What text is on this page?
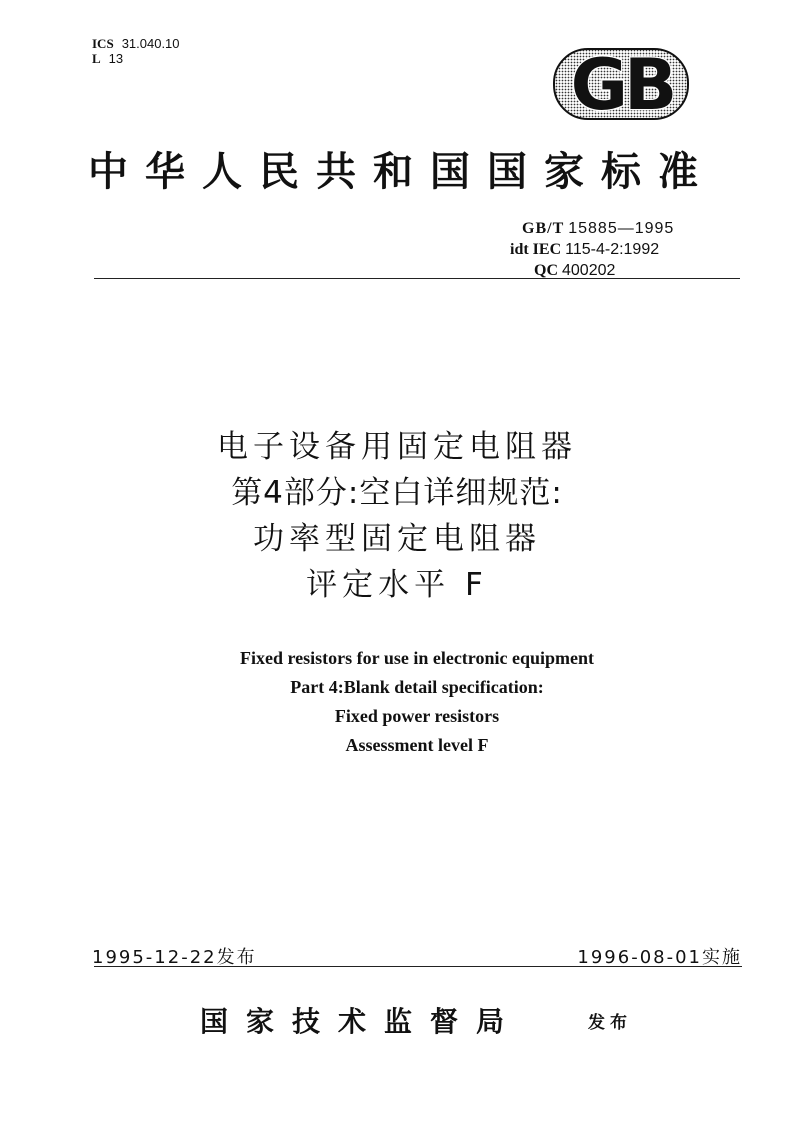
ICS 31.040.10
L 13	GB
中华人民共和国国家标准
GB/T 15885—1995
idt IEC 115-4-2:1992
QC 400202
电子设备用固定电阻器
第4部分:空白详细规范:
功率型固定电阻器
评定水平 F
Fixed resistors for use in electronic equipment
Part 4:Blank detail specification:
Fixed power resistors
Assessment level F
1995-12-22发布	1996-08-01实施
国家技术监督局	发布
